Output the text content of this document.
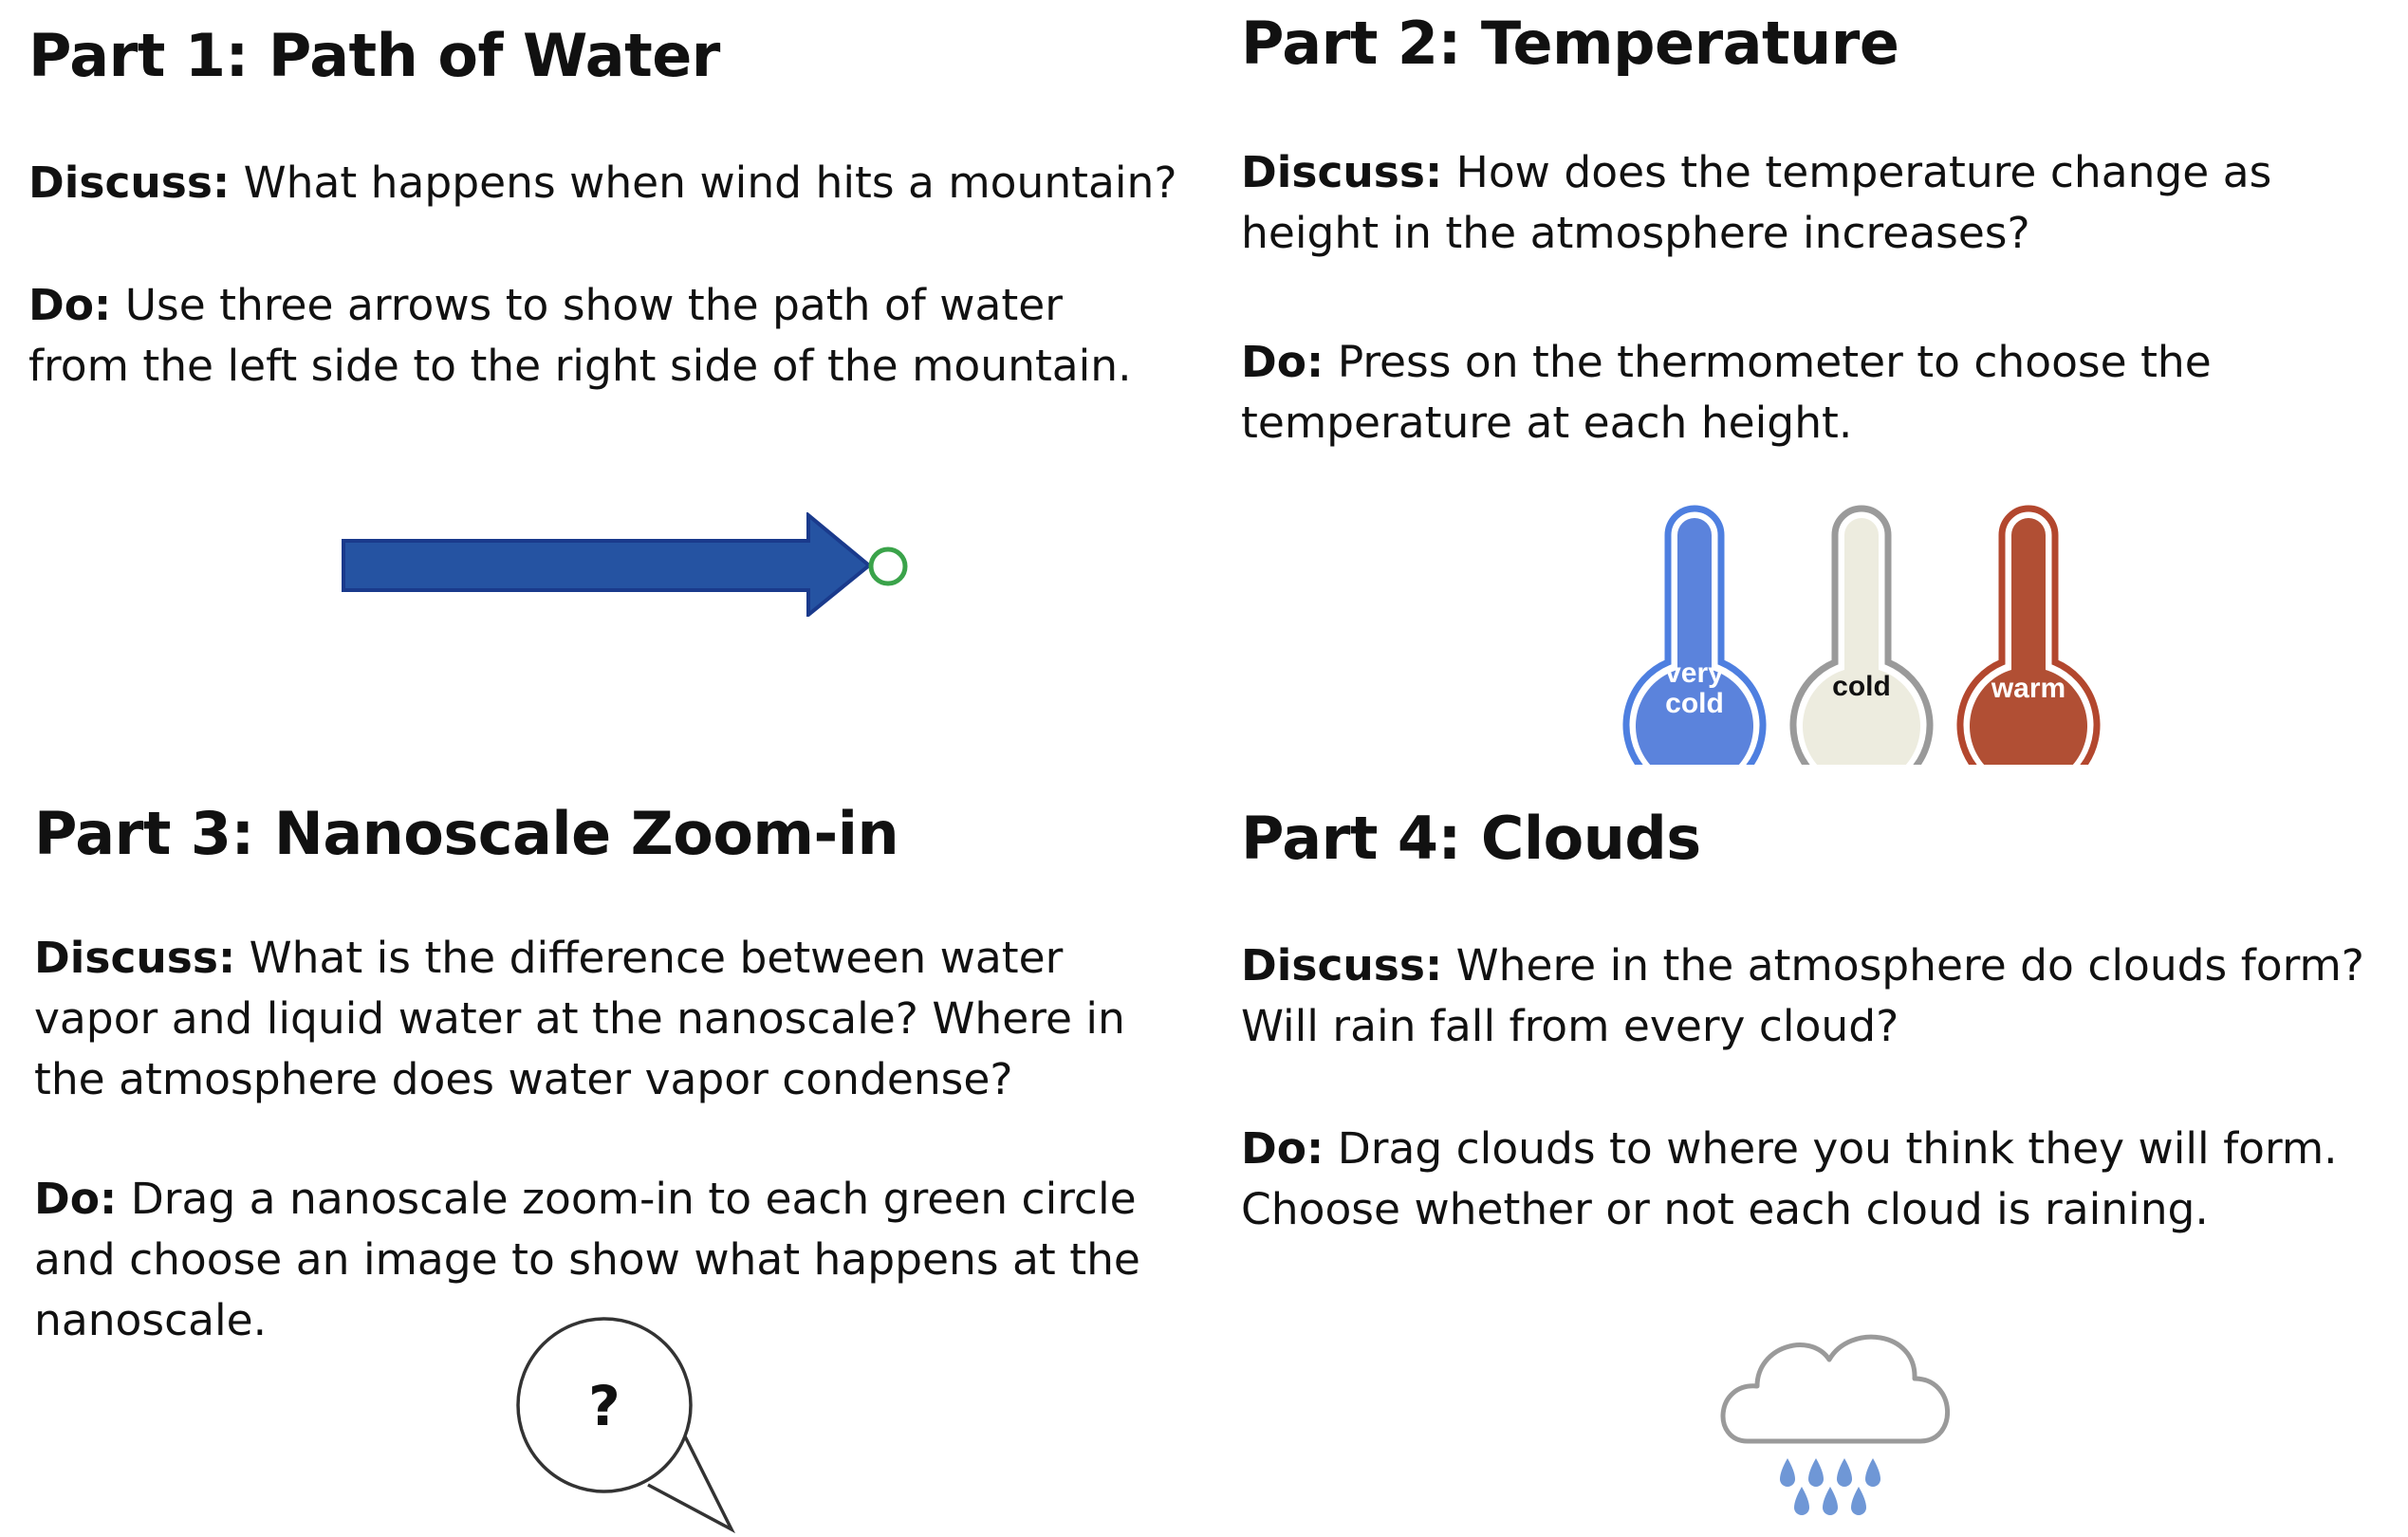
Part 1: Path of Water

Discuss: What happens when wind hits a mountain?

Do: Use three arrows to show the path of water
from the left side to the right side of the mountain.

Part 2: Temperature

Discuss: How does the temperature change as
height in the atmosphere increases?

Do: Press on the thermometer to choose the
temperature at each height.

very
cold
cold	warm
Part 3: Nanoscale Zoom-in

Discuss: What is the difference between water
vapor and liquid water at the nanoscale? Where in
the atmosphere does water vapor condense?

Do: Drag a nanoscale zoom-in to each green circle
and choose an image to show what happens at the
nanoscale.

?
Part 4: Clouds

Discuss: Where in the atmosphere do clouds form?
Will rain fall from every cloud?

Do: Drag clouds to where you think they will form.
Choose whether or not each cloud is raining.
